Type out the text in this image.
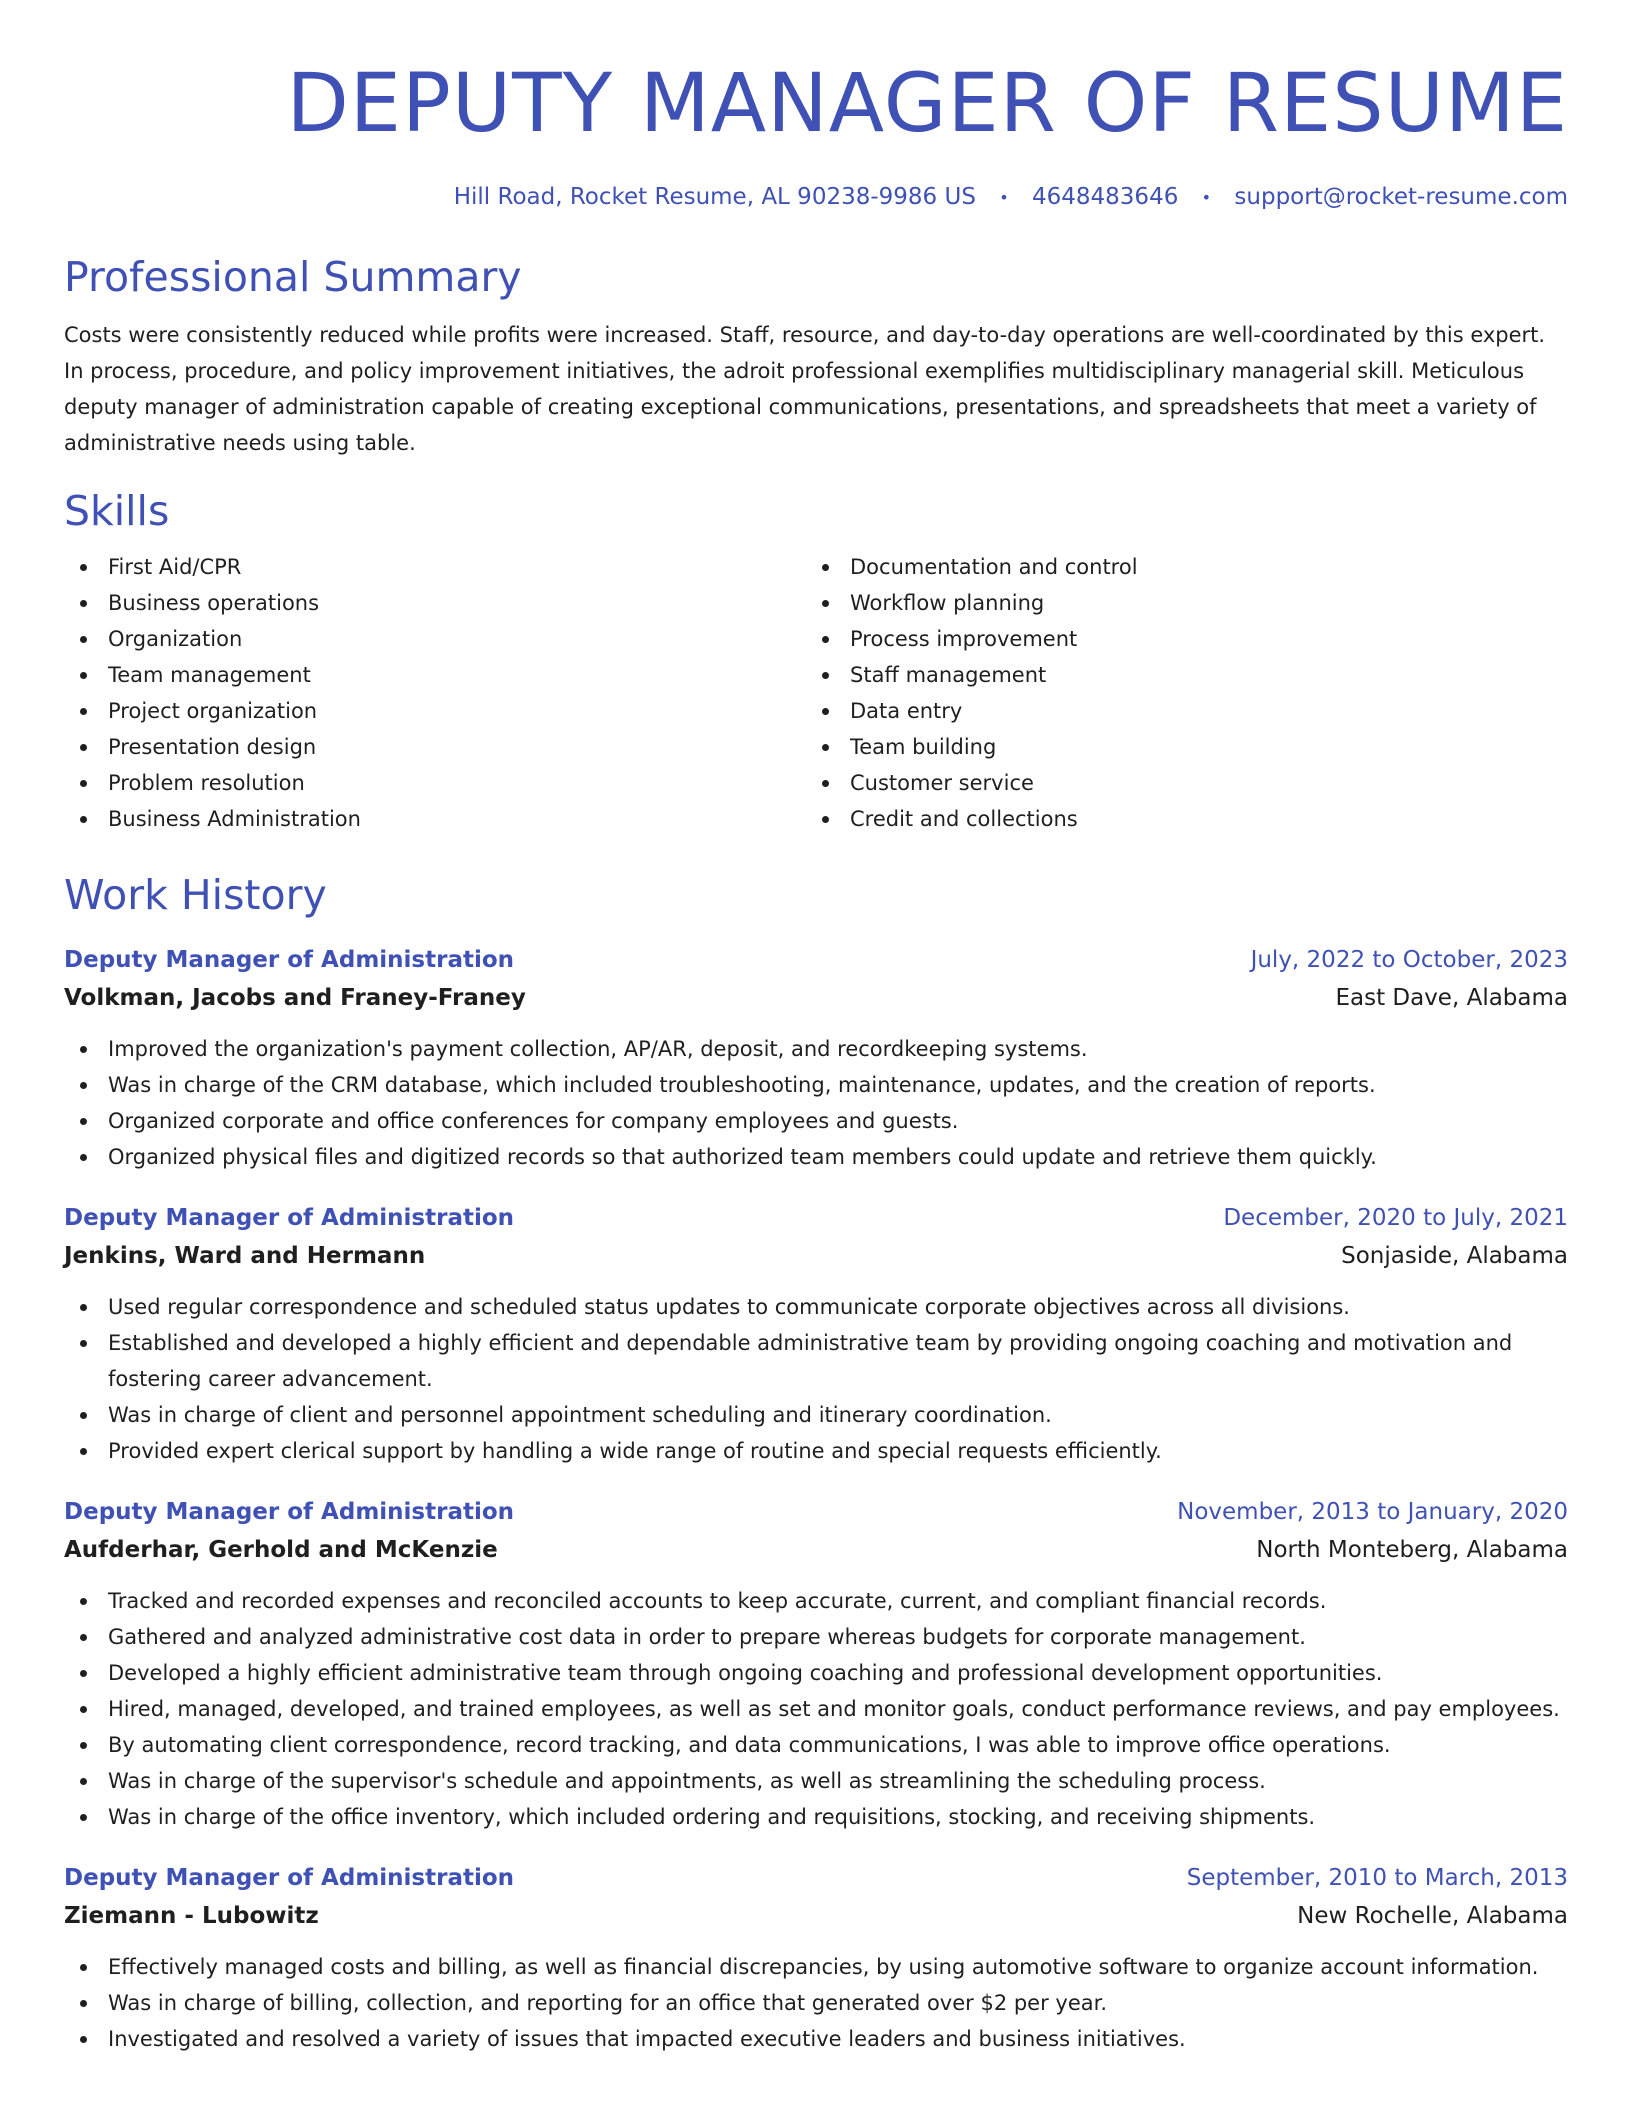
DEPUTY MANAGER OF RESUME
Hill Road, Rocket Resume, AL 90238-9986 US • 4648483646 • support@rocket-resume.com
Professional Summary
Costs were consistently reduced while profits were increased. Staff, resource, and day-to-day operations are well-coordinated by this expert. In process, procedure, and policy improvement initiatives, the adroit professional exemplifies multidisciplinary managerial skill. Meticulous deputy manager of administration capable of creating exceptional communications, presentations, and spreadsheets that meet a variety of administrative needs using table.
Skills
First Aid/CPR
Business operations
Organization
Team management
Project organization
Presentation design
Problem resolution
Business Administration
Documentation and control
Workflow planning
Process improvement
Staff management
Data entry
Team building
Customer service
Credit and collections
Work History
Deputy Manager of Administration	July, 2022 to October, 2023
Volkman, Jacobs and Franey-Franey	East Dave, Alabama
Improved the organization's payment collection, AP/AR, deposit, and recordkeeping systems.
Was in charge of the CRM database, which included troubleshooting, maintenance, updates, and the creation of reports.
Organized corporate and office conferences for company employees and guests.
Organized physical files and digitized records so that authorized team members could update and retrieve them quickly.
Deputy Manager of Administration	December, 2020 to July, 2021
Jenkins, Ward and Hermann	Sonjaside, Alabama
Used regular correspondence and scheduled status updates to communicate corporate objectives across all divisions.
Established and developed a highly efficient and dependable administrative team by providing ongoing coaching and motivation and fostering career advancement.
Was in charge of client and personnel appointment scheduling and itinerary coordination.
Provided expert clerical support by handling a wide range of routine and special requests efficiently.
Deputy Manager of Administration	November, 2013 to January, 2020
Aufderhar, Gerhold and McKenzie	North Monteberg, Alabama
Tracked and recorded expenses and reconciled accounts to keep accurate, current, and compliant financial records.
Gathered and analyzed administrative cost data in order to prepare whereas budgets for corporate management.
Developed a highly efficient administrative team through ongoing coaching and professional development opportunities.
Hired, managed, developed, and trained employees, as well as set and monitor goals, conduct performance reviews, and pay employees.
By automating client correspondence, record tracking, and data communications, I was able to improve office operations.
Was in charge of the supervisor's schedule and appointments, as well as streamlining the scheduling process.
Was in charge of the office inventory, which included ordering and requisitions, stocking, and receiving shipments.
Deputy Manager of Administration	September, 2010 to March, 2013
Ziemann - Lubowitz	New Rochelle, Alabama
Effectively managed costs and billing, as well as financial discrepancies, by using automotive software to organize account information.
Was in charge of billing, collection, and reporting for an office that generated over $2 per year.
Investigated and resolved a variety of issues that impacted executive leaders and business initiatives.
